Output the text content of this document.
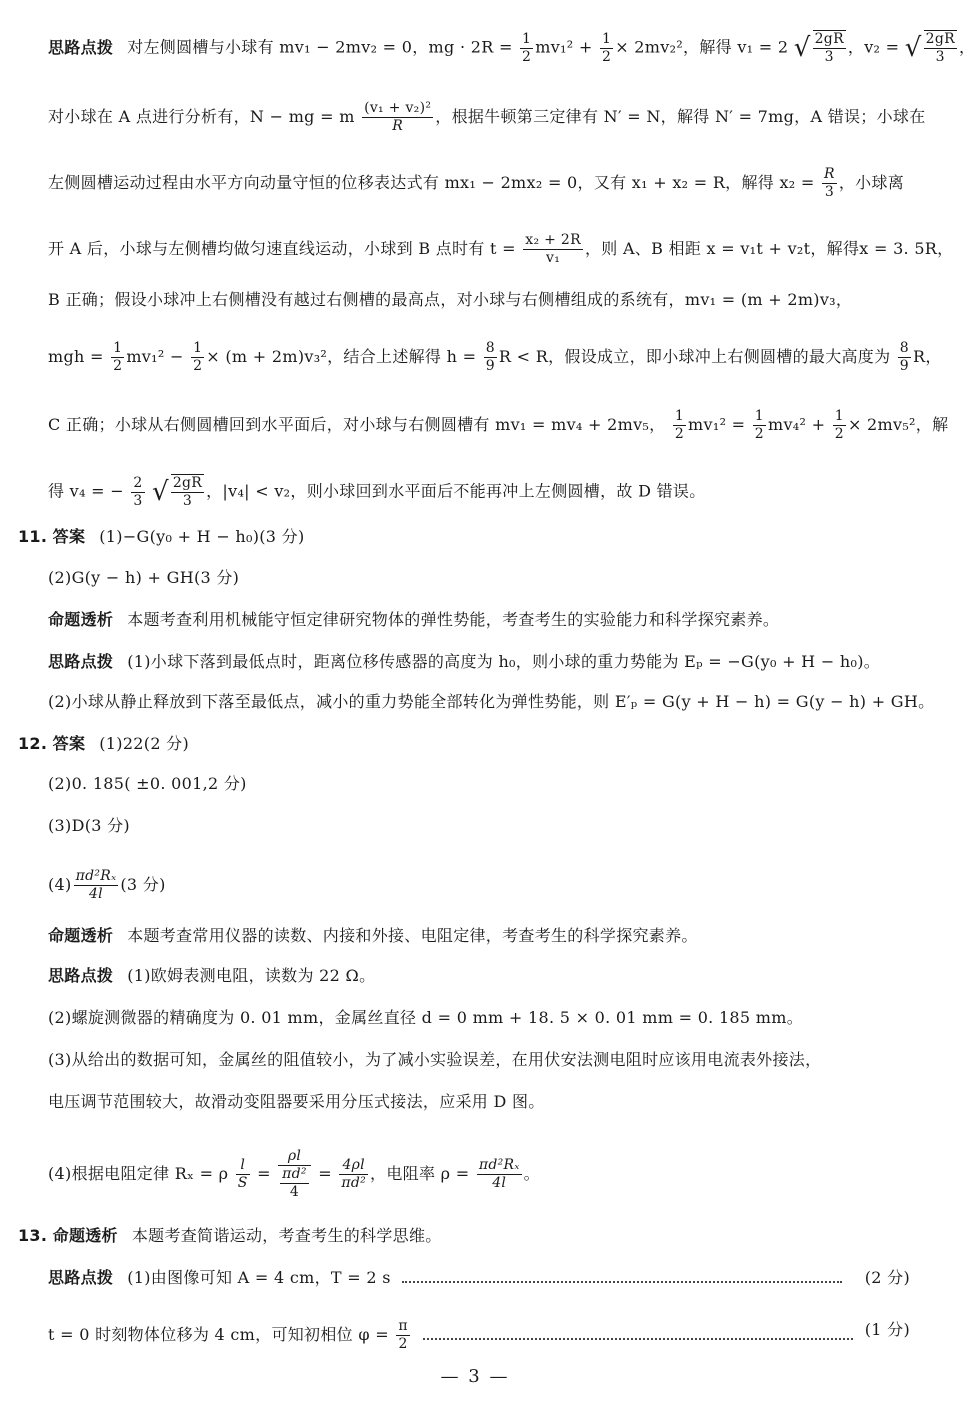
思路点拨 对左侧圆槽与小球有 mv₁ − 2mv₂ = 0，mg · $2R = \frac{1}{2} mv_1^2 + \frac{1}{2} \times 2mv_2^2$，解得 v₁ = 2 √ $\frac{2gR}{3}$ ，v₂ = √ $\frac{2gR}{3}$ ，
对小球在 A 点进行分析有，N − mg = m $\frac{\text{(v₁ + v₂)²}}{R}$ ，根据牛顿第三定律有 N′ = N，解得 N′ = 7mg，A 错误；小球在
左侧圆槽运动过程由水平方向动量守恒的位移表达式有 mx₁ − 2mx₂ = 0，又有 x₁ + x₂ = R，解得 $x_2 = \frac{R}{3}$ ，小球离
开 A 后，小球与左侧槽均做匀速直线运动，小球到 B 点时有 $t = \frac{\text{x₂ + 2R}}{\text{v₁}}$ ，则 A、B 相距 x = v₁t + v₂t，解得x = 3. 5R，
B 正确；假设小球冲上右侧槽没有越过右侧槽的最高点，对小球与右侧槽组成的系统有，mv₁ = (m + 2m)v₃，
mgh = $\frac{1}{2} mv_1^2 - \frac{1}{2} \times (m + 2m)v_3^2$，结合上述解得 $h = \frac{8}{9}$ R < R，假设成立，即小球冲上右侧圆槽的最大高度为 $\frac{8}{9}$ R，
C 正确；小球从右侧圆槽回到水平面后，对小球与右侧圆槽有 mv₁ = mv₄ + 2mv₅， $\frac{1}{2} mv_1^2 = \frac{1}{2} mv_4^2 + \frac{1}{2} \times 2mv_5^2$，解
得 v₄ = − $\frac{2}{3}$ √ $\frac{2gR}{3}$ ，|v₄| < v₂，则小球回到水平面后不能再冲上左侧圆槽，故 D 错误。
11. 答案 (1)−G(y₀ + H − h₀)(3 分)
(2)G(y − h) + GH(3 分)
命题透析 本题考查利用机械能守恒定律研究物体的弹性势能，考查考生的实验能力和科学探究素养。
思路点拨 (1)小球下落到最低点时，距离位移传感器的高度为 h₀，则小球的重力势能为 Eₚ = −G(y₀ + H − h₀)。
(2)小球从静止释放到下落至最低点，减小的重力势能全部转化为弹性势能，则 E′ₚ = G(y + H − h) = G(y − h) + GH。
12. 答案 (1)22(2 分)
(2)0. 185( ±0. 001,2 分)
(3)D(3 分)
$(4) \frac{\text{πd²Rₓ}}{4l} (3$ 分)
命题透析 本题考查常用仪器的读数、内接和外接、电阻定律，考查考生的科学探究素养。
思路点拨 (1)欧姆表测电阻，读数为 22 Ω。
(2)螺旋测微器的精确度为 0. 01 mm，金属丝直径 d = 0 mm + 18. 5 × 0. 01 mm = 0. 185 mm。
(3)从给出的数据可知，金属丝的阻值较小，为了减小实验误差，在用伏安法测电阻时应该用电流表外接法，
电压调节范围较大，故滑动变阻器要采用分压式接法，应采用 D 图。
(4)根据电阻定律 Rₓ = ρ $\frac{l}{S} = \frac{\rho l}{\frac{\text{πd²}}{4}} = \frac{4\rho l}{\text{πd²}}$ ，电阻率 $\rho = \frac{\text{πd²Rₓ}}{4l}$ 。
13. 命题透析 本题考查简谐运动，考查考生的科学思维。
思路点拨 (1)由图像可知 A = 4 cm，T = 2 s	(2 分)
t = 0 时刻物体位移为 4 cm，可知初相位 $\varphi = \frac{\pi}{2}$
	(1 分)
— 3 —
